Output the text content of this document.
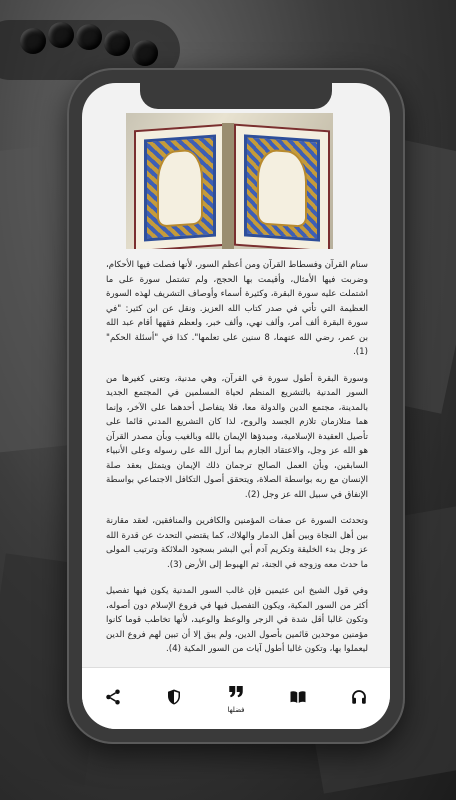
سنام القرآن وفسطاط القرآن ومن أعظم السور، لأنها فصلت فيها الأحكام، وضربت فيها الأمثال، وأقيمت بها الحجج، ولم تشتمل سورة على ما اشتملت عليه سورة البقرة، وكثيرة أسماء وأوصاف التشريف لهذه السورة العظيمة التي تأتي في صدر كتاب الله العزيز. ونقل عن ابن كثير: "في سورة البقرة ألف أمر، وألف نهي، وألف خبر، ولعظم فقهها أقام عبد الله بن عمر، رضي الله عنهما، 8 سنين على تعلمها". كذا في "أسئلة الحكم" (1).

وسورة البقرة أطول سورة في القرآن، وهي مدنية، وتعنى كغيرها من السور المدنية بالتشريع المنظم لحياة المسلمين في المجتمع الجديد بالمدينة، مجتمع الدين والدولة معا، فلا يتفاصل أحدهما على الآخر، وإنما هما متلازمان تلازم الجسد والروح، لذا كان التشريع المدني قائما على تأصيل العقيدة الإسلامية، ومبدؤها الإيمان بالله وبالغيب وبأن مصدر القرآن هو الله عز وجل، والاعتقاد الجازم بما أنزل الله على رسوله وعلى الأنبياء السابقين، وبأن العمل الصالح ترجمان ذلك الإيمان ويتمثل بعقد صلة الإنسان مع ربه بواسطة الصلاة، ويتحقق أصول التكافل الاجتماعي بواسطة الإنفاق في سبيل الله عز وجل (2).

وتحدثت السورة عن صفات المؤمنين والكافرين والمنافقين، لعقد مقارنة بين أهل النجاة وبين أهل الدمار والهلاك، كما يقتضي التحدث عن قدرة الله عز وجل بدء الخليقة وتكريم آدم أبي البشر بسجود الملائكة وترتيب المولى ما حدث معه وزوجه في الجنة، ثم الهبوط إلى الأرض (3).

وفي قول الشيخ ابن عثيمين فإن غالب السور المدنية يكون فيها تفصيل أكثر من السور المكية، ويكون التفصيل فيها في فروع الإسلام دون أصوله، وتكون غالبا أقل شدة في الزجر والوعظ والوعيد، لأنها تخاطب قوما كانوا مؤمنين موحدين قائمين بأصول الدين، ولم يبق إلا أن تبين لهم فروع الدين ليعملوا بها، وتكون غالبا أطول آيات من السور المكية (4).

فضلها
